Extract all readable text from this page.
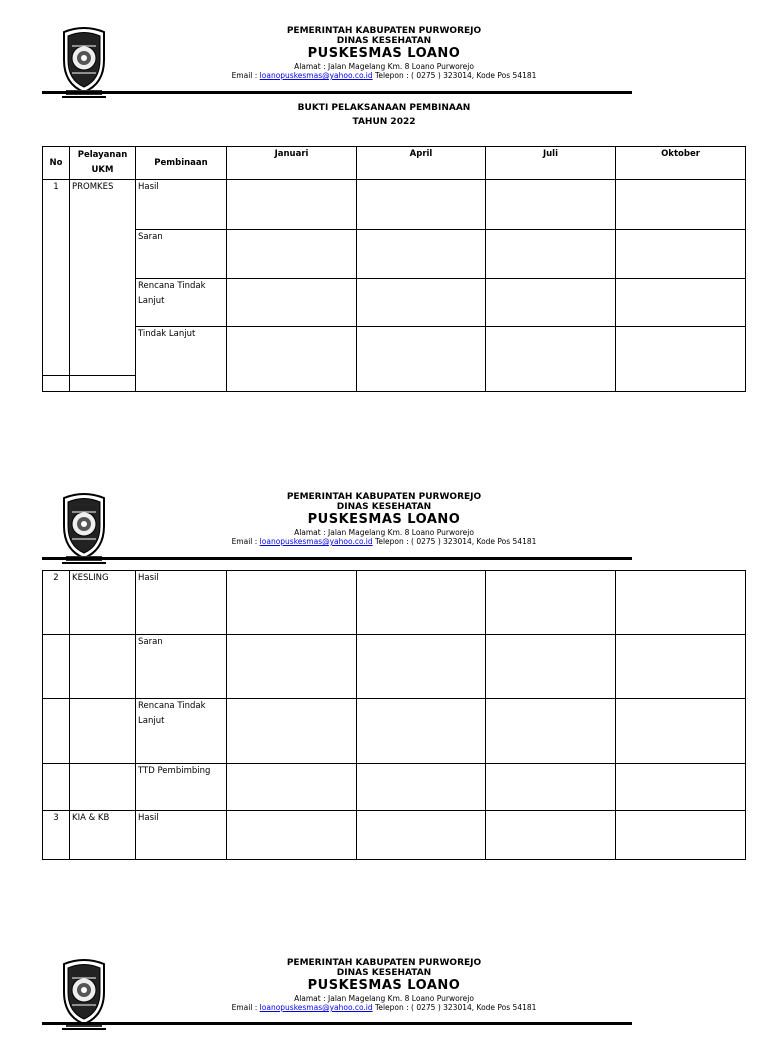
PEMERINTAH KABUPATEN PURWOREJO
DINAS KESEHATAN
PUSKESMAS LOANO
Alamat : Jalan Magelang Km. 8 Loano Purworejo
Email : loanopuskesmas@yahoo.co.id Telepon : ( 0275 ) 323014, Kode Pos 54181
BUKTI PELAKSANAAN PEMBINAAN
TAHUN 2022
No	Pelayanan UKM	Pembinaan	Januari	April	Juli	Oktober
1	PROMKES	Hasil				
		Saran				
		Rencana Tindak Lanjut				
		Tindak Lanjut				

PEMERINTAH KABUPATEN PURWOREJO
DINAS KESEHATAN
PUSKESMAS LOANO
Alamat : Jalan Magelang Km. 8 Loano Purworejo
Email : loanopuskesmas@yahoo.co.id Telepon : ( 0275 ) 323014, Kode Pos 54181
2	KESLING	Hasil				
		Saran				
		Rencana Tindak Lanjut				
		TTD Pembimbing				
3	KIA & KB	Hasil				
PEMERINTAH KABUPATEN PURWOREJO
DINAS KESEHATAN
PUSKESMAS LOANO
Alamat : Jalan Magelang Km. 8 Loano Purworejo
Email : loanopuskesmas@yahoo.co.id Telepon : ( 0275 ) 323014, Kode Pos 54181
